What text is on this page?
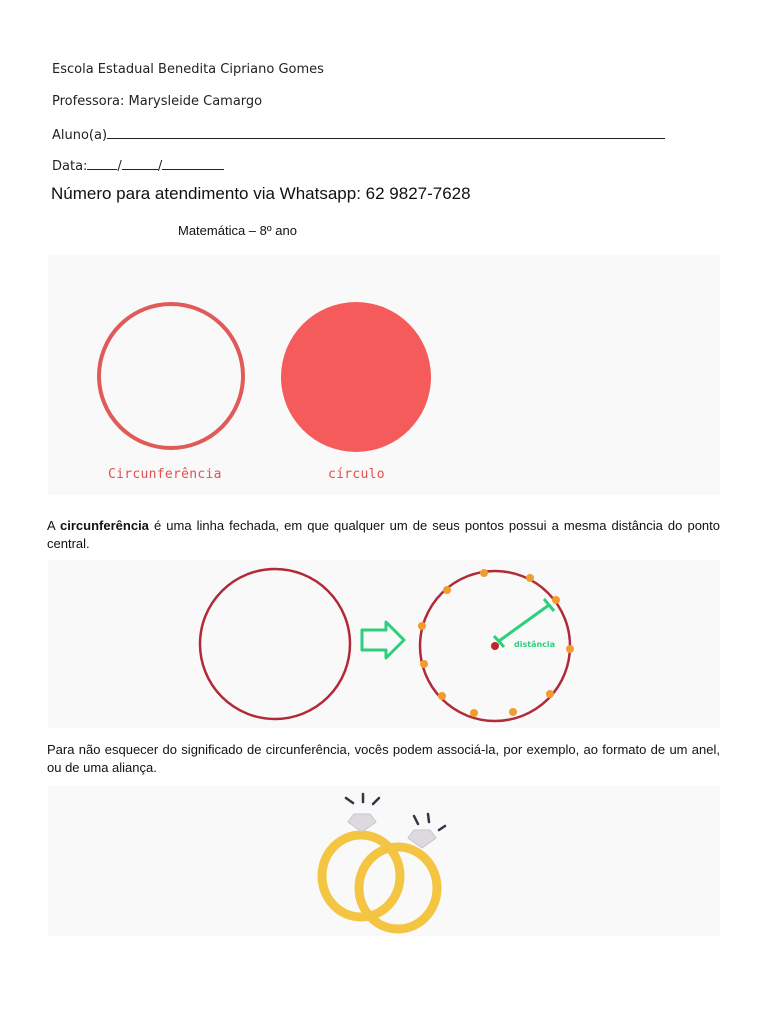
Escola Estadual Benedita Cipriano Gomes
Professora: Marysleide Camargo
Aluno(a)
Data: /	/
Número para atendimento via Whatsapp: 62 9827-7628
Matemática – 8º ano
Circunferência	círculo
A circunferência é uma linha fechada, em que qualquer um de seus pontos possui a mesma distância do ponto central.
distância
Para não esquecer do significado de circunferência, vocês podem associá-la, por exemplo, ao formato de um anel, ou de uma aliança.
